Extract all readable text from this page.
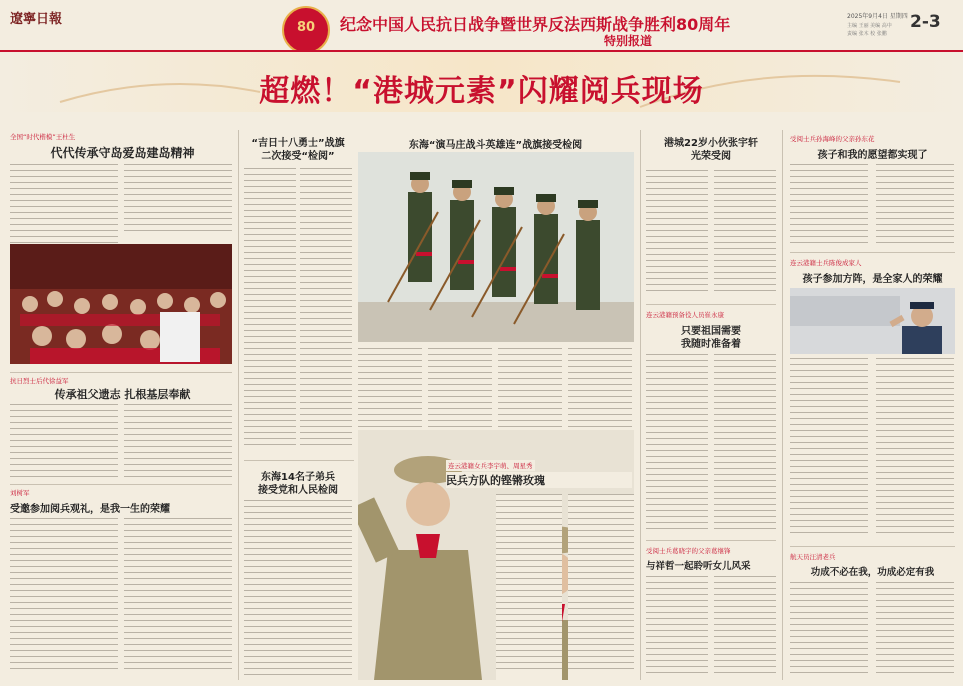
遼寧日報
80	纪念中国人民抗日战争暨世界反法西斯战争胜利80周年
特别报道
2025年9月4日 星期四
主编 王丽 美编 高中
责编 张木 校 张鹏
2-3
超燃！“港城元素”闪耀阅兵现场
全国“时代楷模”王杜生
代代传承守岛爱岛建岛精神
抗日烈士后代徐益军
传承祖父遗志 扎根基层奉献
刘树军
受邀参加阅兵观礼，是我一生的荣耀
“吉日十八勇士”战旗
二次接受“检阅”
东海14名子弟兵
接受党和人民检阅
东海“演马庄战斗英雄连”战旗接受检阅
连云港籍女兵李宇萌、周星秀
民兵方队的铿锵玫瑰
港城22岁小伙张宇轩
光荣受阅
连云港籍预备役人员崔永康
只要祖国需要
我随时准备着
受阅士兵葛晓宇的父亲葛继锋
与祥哲一起聆听女儿风采
受阅士兵孙海峰的父亲孙东花
孩子和我的愿望都实现了
连云港籍士兵陈俊成家人
孩子参加方阵，是全家人的荣耀
航天员汪清老兵
功成不必在我，功成必定有我
